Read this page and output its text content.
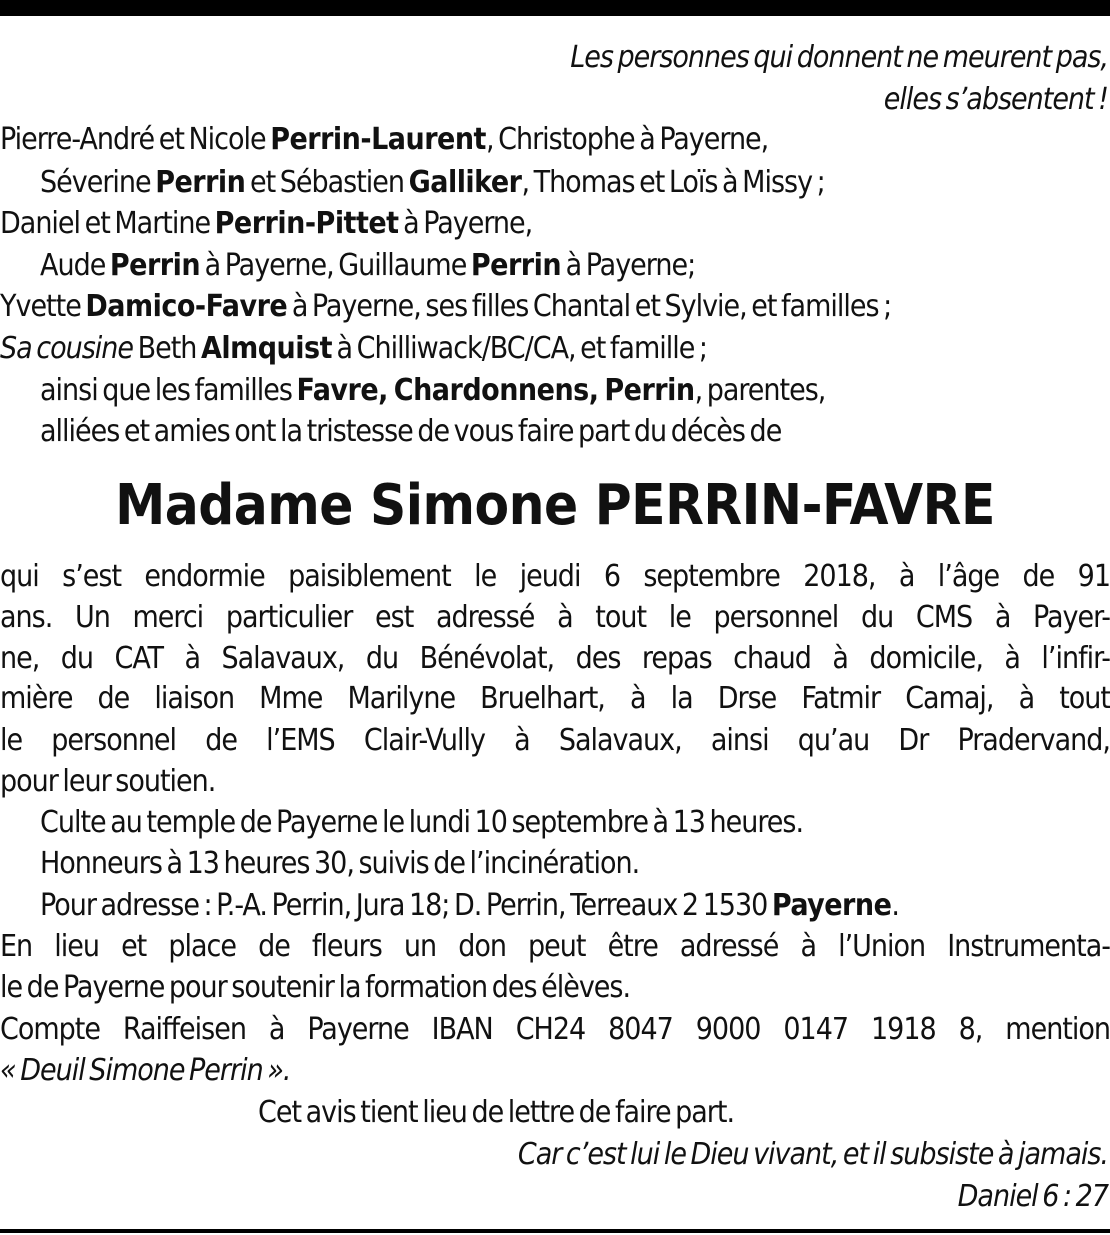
Les personnes qui donnent ne meurent pas,
elles s’absentent !
Pierre-André et Nicole Perrin-Laurent, Christophe à Payerne,
Séverine Perrin et Sébastien Galliker, Thomas et Loïs à Missy ;
Daniel et Martine Perrin-Pittet à Payerne,
Aude Perrin à Payerne, Guillaume Perrin à Payerne;
Yvette Damico-Favre à Payerne, ses filles Chantal et Sylvie, et familles ;
Sa cousine Beth Almquist à Chilliwack/BC/CA, et famille ;
ainsi que les familles Favre, Chardonnens, Perrin, parentes,
alliées et amies ont la tristesse de vous faire part du décès de
Madame Simone PERRIN-FAVRE
qui s’est endormie paisiblement le jeudi 6 septembre 2018, à l’âge de 91
ans. Un merci particulier est adressé à tout le personnel du CMS à Payer-
ne, du CAT à Salavaux, du Bénévolat, des repas chaud à domicile, à l’infir-
mière de liaison Mme Marilyne Bruelhart, à la Drse Fatmir Camaj, à tout
le personnel de l’EMS Clair-Vully à Salavaux, ainsi qu’au Dr Pradervand,
pour leur soutien.
Culte au temple de Payerne le lundi 10 septembre à 13 heures.
Honneurs à 13 heures 30, suivis de l’incinération.
Pour adresse : P.-A. Perrin, Jura 18; D. Perrin, Terreaux 2 1530 Payerne.
En lieu et place de fleurs un don peut être adressé à l’Union Instrumenta-
le de Payerne pour soutenir la formation des élèves.
Compte Raiffeisen à Payerne IBAN CH24 8047 9000 0147 1918 8, mention
« Deuil Simone Perrin ».
Cet avis tient lieu de lettre de faire part.
Car c’est lui le Dieu vivant, et il subsiste à jamais.
Daniel 6 : 27
